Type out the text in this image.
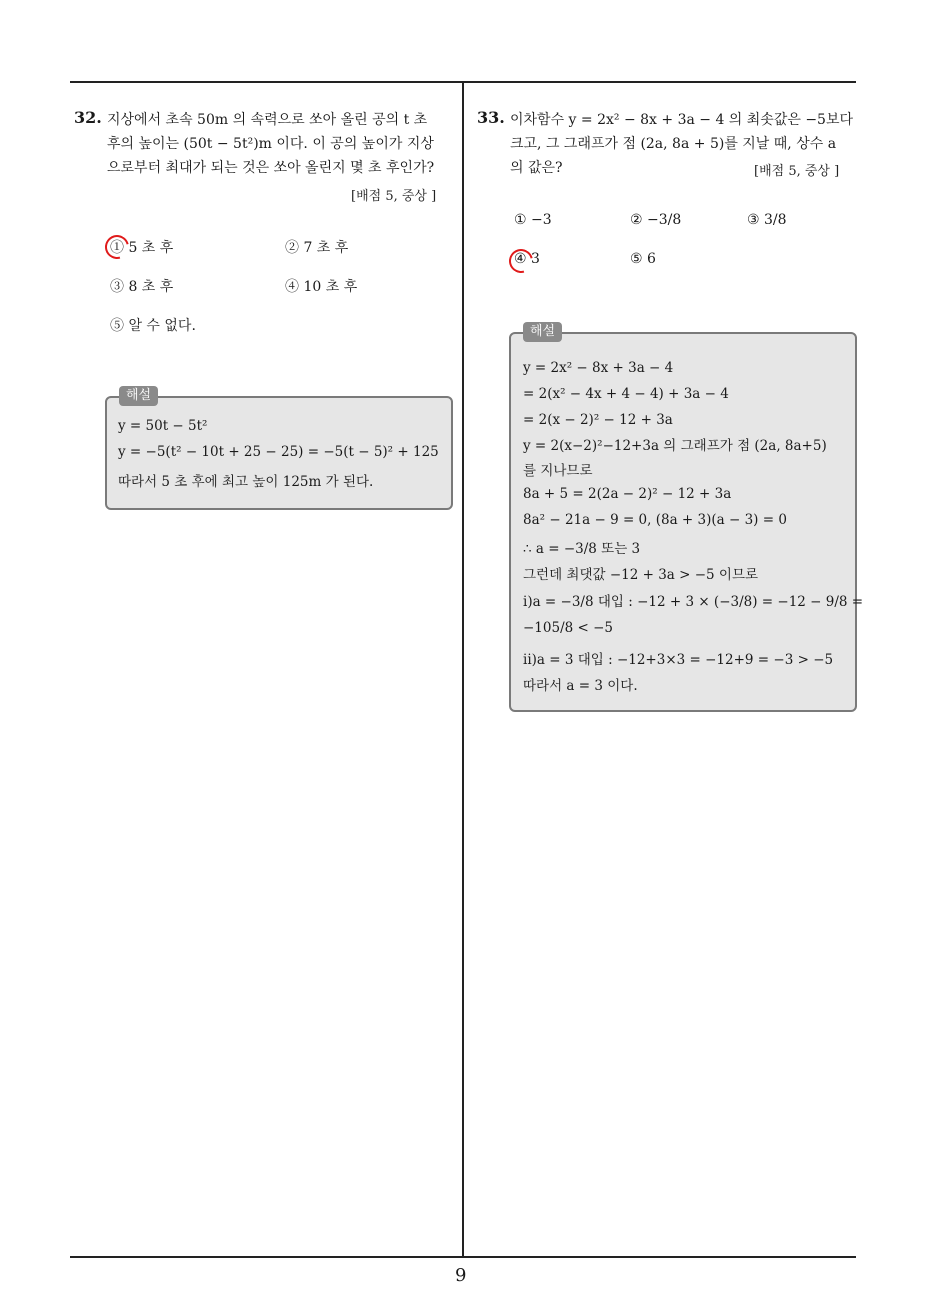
9
32. 지상에서 초속 50m 의 속력으로 쏘아 올린 공의 t 초
후의 높이는 (50t − 5t²)m 이다. 이 공의 높이가 지상
으로부터 최대가 되는 것은 쏘아 올린지 몇 초 후인가?
[배점 5, 중상 ]
① 5 초 후	② 7 초 후
③ 8 초 후	④ 10 초 후
⑤ 알 수 없다.
해설
y = 50t − 5t²
y = −5(t² − 10t + 25 − 25) = −5(t − 5)² + 125
따라서 5 초 후에 최고 높이 125m 가 된다.
33. 이차함수 y = 2x² − 8x + 3a − 4 의 최솟값은 −5보다
크고, 그 그래프가 점 (2a, 8a + 5)를 지날 때, 상수 a
의 값은?	[배점 5, 중상 ]
① −3	② −3/8	③ 3/8
④ 3	⑤ 6
해설
y = 2x² − 8x + 3a − 4
= 2(x² − 4x + 4 − 4) + 3a − 4
= 2(x − 2)² − 12 + 3a
y = 2(x−2)²−12+3a 의 그래프가 점 (2a, 8a+5)
를 지나므로
8a + 5 = 2(2a − 2)² − 12 + 3a
8a² − 21a − 9 = 0, (8a + 3)(a − 3) = 0
∴ a = −3/8 또는 3
그런데 최댓값 −12 + 3a > −5 이므로
i)a = −3/8 대입 : −12 + 3 × (−3/8) = −12 − 9/8 =
−105/8 < −5
ii)a = 3 대입 : −12+3×3 = −12+9 = −3 > −5
따라서 a = 3 이다.
